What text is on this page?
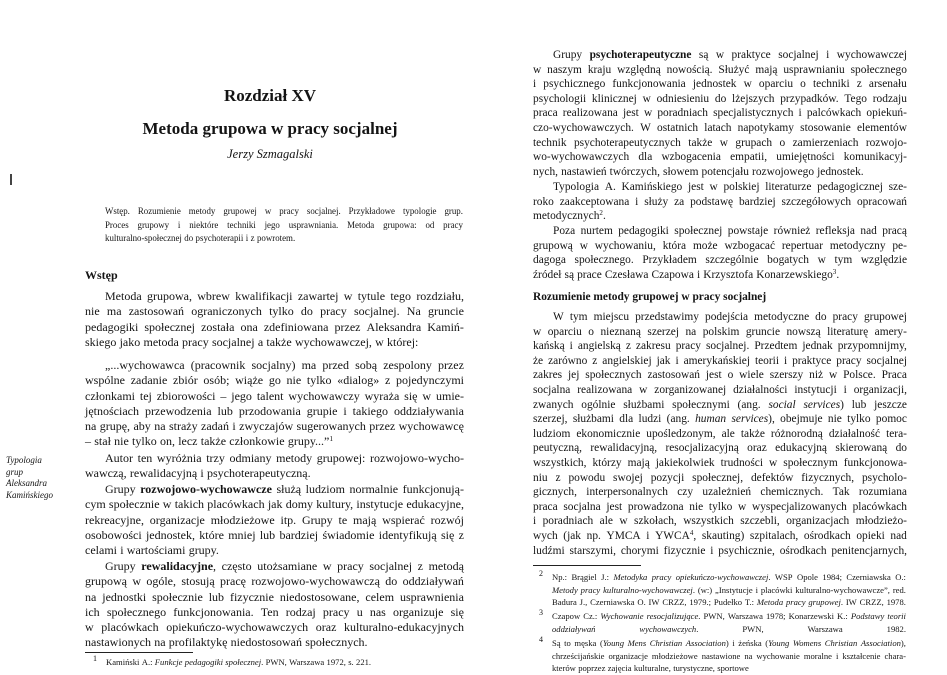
Rozdział XV
Metoda grupowa w pracy socjalnej
Jerzy Szmagalski
Wstęp. Rozumienie metody grupowej w pracy socjalnej. Przykładowe typologie grup.
Proces grupowy i niektóre techniki jego usprawniania. Metoda grupowa: od pracy
kulturalno-społecznej do psychoterapii i z powrotem.
Wstęp
Metoda grupowa, wbrew kwalifikacji zawartej w tytule tego rozdziału,
nie ma zastosowań ograniczonych tylko do pracy socjalnej. Na gruncie
pedagogiki społecznej została ona zdefiniowana przez Aleksandra Kamiń-
skiego jako metoda pracy socjalnej a także wychowawczej, w której:
„...wychowawca (pracownik socjalny) ma przed sobą zespolony przez
wspólne zadanie zbiór osób; wiąże go nie tylko «dialog» z pojedynczymi
członkami tej zbiorowości – jego talent wychowawczy wyraża się w umie-
jętnościach przewodzenia lub przodowania grupie i takiego oddziaływania
na grupę, aby na straży zadań i zwyczajów sugerowanych przez wychowawcę
– stał nie tylko on, lecz także członkowie grupy...”$^1$
Autor ten wyróżnia trzy odmiany metody grupowej: rozwojowo-wycho-
wawczą, rewalidacyjną i psychoterapeutyczną.
Grupy rozwojowo-wychowawcze służą ludziom normalnie funkcjonują-
cym społecznie w takich placówkach jak domy kultury, instytucje edukacyjne,
rekreacyjne, organizacje młodzieżowe itp. Grupy te mają wspierać rozwój
osobowości jednostek, które mniej lub bardziej świadomie identyfikują się z
celami i wartościami grupy.
Grupy rewalidacyjne, często utożsamiane w pracy socjalnej z metodą
grupową w ogóle, stosują pracę rozwojowo-wychowawczą do oddziaływań
na jednostki społecznie lub fizycznie niedostosowane, celem usprawnienia
ich społecznego funkcjonowania. Ten rodzaj pracy u nas organizuje się
w placówkach opiekuńczo-wychowawczych oraz kulturalno-edukacyjnych
nastawionych na profilaktykę niedostosowań społecznych.
Typologia
grup
Aleksandra
Kamińskiego
1 Kamiński A.: Funkcje pedagogiki społecznej. PWN, Warszawa 1972, s. 221.
Grupy psychoterapeutyczne są w praktyce socjalnej i wychowawczej
w naszym kraju względną nowością. Służyć mają usprawnianiu społecznego
i psychicznego funkcjonowania jednostek w oparciu o techniki z arsenału
psychologii klinicznej w odniesieniu do lżejszych przypadków. Tego rodzaju
praca realizowana jest w poradniach specjalistycznych i palcówkach opiekuń-
czo-wychowawczych. W ostatnich latach napotykamy stosowanie elementów
technik psychoterapeutycznych także w grupach o zamierzeniach rozwojo-
wo-wychowawczych dla wzbogacenia empatii, umiejętności komunikacyj-
nych, nastawień twórczych, słowem potencjału rozwojowego jednostek.
Typologia A. Kamińskiego jest w polskiej literaturze pedagogicznej sze-
roko zaakceptowana i służy za podstawę bardziej szczegółowych opracowań
metodycznych$^2$.
Poza nurtem pedagogiki społecznej powstaje również refleksja nad pracą
grupową w wychowaniu, która może wzbogacać repertuar metodyczny pe-
dagoga społecznego. Przykładem szczególnie bogatych w tym względzie
źródeł są prace Czesława Czapowa i Krzysztofa Konarzewskiego$^3$.
Rozumienie metody grupowej w pracy socjalnej
W tym miejscu przedstawimy podejścia metodyczne do pracy grupowej
w oparciu o nieznaną szerzej na polskim gruncie nowszą literaturę amery-
kańską i angielską z zakresu pracy socjalnej. Przedtem jednak przypomnijmy,
że zarówno z angielskiej jak i amerykańskiej teorii i praktyce pracy socjalnej
zakres jej społecznych zastosowań jest o wiele szerszy niż w Polsce. Praca
socjalna realizowana w zorganizowanej działalności instytucji i organizacji,
zwanych ogólnie służbami społecznymi (ang. social services) lub jeszcze
szerzej, służbami dla ludzi (ang. human services), obejmuje nie tylko pomoc
ludziom ekonomicznie upośledzonym, ale także różnorodną działalność tera-
peutyczną, rewalidacyjną, resocjalizacyjną oraz edukacyjną skierowaną do
wszystkich, którzy mają jakiekolwiek trudności w społecznym funkcjonowa-
niu z powodu swojej pozycji społecznej, defektów fizycznych, psycholo-
gicznych, interpersonalnych czy uzależnień chemicznych. Tak rozumiana
praca socjalna jest prowadzona nie tylko w wyspecjalizowanych placówkach
i poradniach ale w szkołach, wszystkich szczebli, organizacjach młodzieżo-
wych (jak np. YMCA i YWCA$^4$, skauting) szpitalach, ośrodkach opieki nad
ludźmi starszymi, chorymi fizycznie i psychicznie, ośrodkach penitencjarnych,
2 Np.: Brągiel J.: Metodyka pracy opiekuńczo-wychowawczej. WSP Opole 1984; Czerniawska O.:
Metody pracy kulturalno-wychowawczej. (w:) „Instytucje i placówki kulturalno-wychowawcze”, red.
Badura J., Czerniawska O. IW CRZZ, 1979.; Pudełko T.: Metoda pracy grupowej. IW CRZZ, 1978.
3 Czapow Cz.: Wychowanie resocjalizujące. PWN, Warszawa 1978; Konarzewski K.: Podstawy teorii
oddziaływań	wychowawczych.	PWN,	Warszawa	1982.
4 Są to męska (Young Mens Christian Association) i żeńska (Young Womens Christian Association),
chrześcijańskie organizacje młodzieżowe nastawione na wychowanie moralne i kształcenie chara-
kterów poprzez zajęcia kulturalne, turystyczne, sportowe
